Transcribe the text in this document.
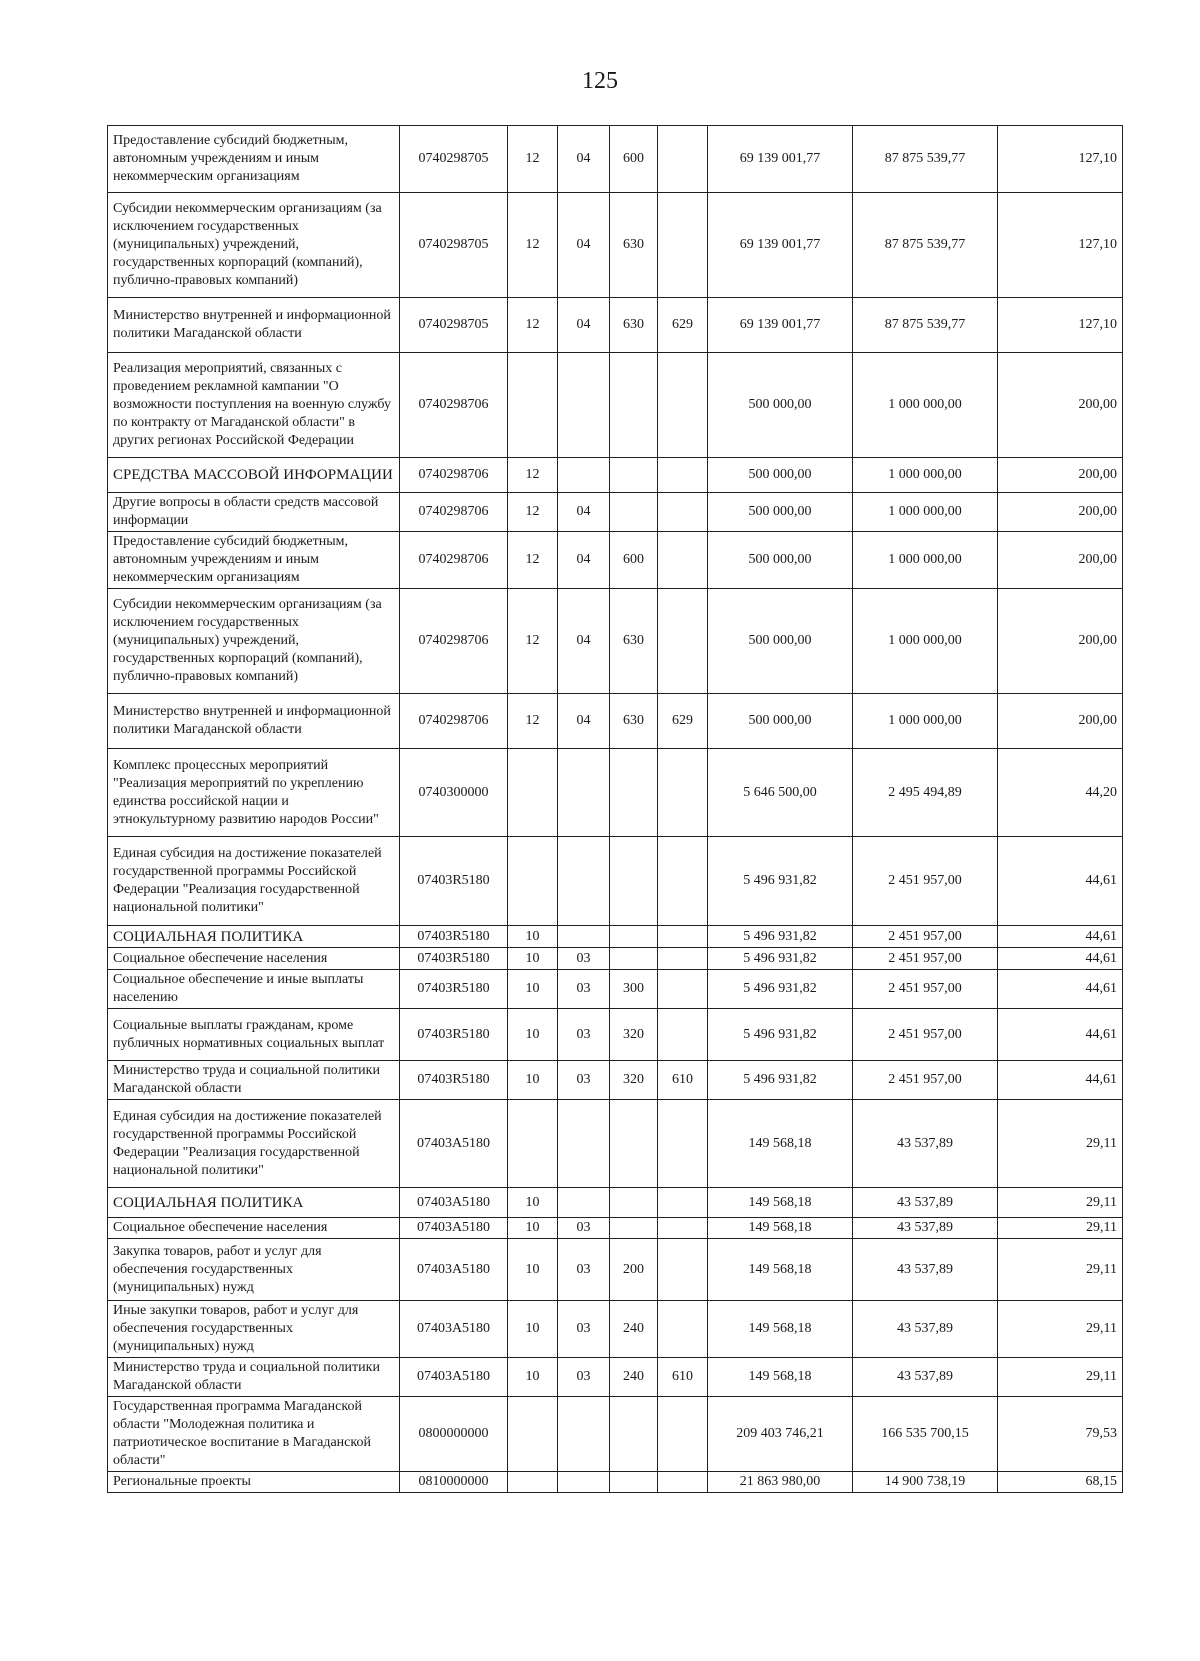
125
Предоставление субсидий бюджетным, автономным учреждениям и иным некоммерческим организациям	0740298705	12	04	600		69 139 001,77	87 875 539,77	127,10
Субсидии некоммерческим организациям (за исключением государственных (муниципальных) учреждений, государственных корпораций (компаний), публично-правовых компаний)	0740298705	12	04	630		69 139 001,77	87 875 539,77	127,10
Министерство внутренней и информационной политики Магаданской области	0740298705	12	04	630	629	69 139 001,77	87 875 539,77	127,10
Реализация мероприятий, связанных с проведением рекламной кампании "О возможности поступления на военную службу по контракту от Магаданской области" в других регионах Российской Федерации	0740298706					500 000,00	1 000 000,00	200,00
СРЕДСТВА МАССОВОЙ ИНФОРМАЦИИ	0740298706	12				500 000,00	1 000 000,00	200,00
Другие вопросы в области средств массовой информации	0740298706	12	04			500 000,00	1 000 000,00	200,00
Предоставление субсидий бюджетным, автономным учреждениям и иным некоммерческим организациям	0740298706	12	04	600		500 000,00	1 000 000,00	200,00
Субсидии некоммерческим организациям (за исключением государственных (муниципальных) учреждений, государственных корпораций (компаний), публично-правовых компаний)	0740298706	12	04	630		500 000,00	1 000 000,00	200,00
Министерство внутренней и информационной политики Магаданской области	0740298706	12	04	630	629	500 000,00	1 000 000,00	200,00
Комплекс процессных мероприятий "Реализация мероприятий по укреплению единства российской нации и этнокультурному развитию народов России"	0740300000					5 646 500,00	2 495 494,89	44,20
Единая субсидия на достижение показателей государственной программы Российской Федерации "Реализация государственной национальной политики"	07403R5180					5 496 931,82	2 451 957,00	44,61
СОЦИАЛЬНАЯ ПОЛИТИКА	07403R5180	10				5 496 931,82	2 451 957,00	44,61
Социальное обеспечение населения	07403R5180	10	03			5 496 931,82	2 451 957,00	44,61
Социальное обеспечение и иные выплаты населению	07403R5180	10	03	300		5 496 931,82	2 451 957,00	44,61
Социальные выплаты гражданам, кроме публичных нормативных социальных выплат	07403R5180	10	03	320		5 496 931,82	2 451 957,00	44,61
Министерство труда и социальной политики Магаданской области	07403R5180	10	03	320	610	5 496 931,82	2 451 957,00	44,61
Единая субсидия на достижение показателей государственной программы Российской Федерации "Реализация государственной национальной политики"	07403A5180					149 568,18	43 537,89	29,11
СОЦИАЛЬНАЯ ПОЛИТИКА	07403A5180	10				149 568,18	43 537,89	29,11
Социальное обеспечение населения	07403A5180	10	03			149 568,18	43 537,89	29,11
Закупка товаров, работ и услуг для обеспечения государственных (муниципальных) нужд	07403A5180	10	03	200		149 568,18	43 537,89	29,11
Иные закупки товаров, работ и услуг для обеспечения государственных (муниципальных) нужд	07403A5180	10	03	240		149 568,18	43 537,89	29,11
Министерство труда и социальной политики Магаданской области	07403A5180	10	03	240	610	149 568,18	43 537,89	29,11
Государственная программа Магаданской области "Молодежная политика и патриотическое воспитание в Магаданской области"	0800000000					209 403 746,21	166 535 700,15	79,53
Региональные проекты	0810000000					21 863 980,00	14 900 738,19	68,15
